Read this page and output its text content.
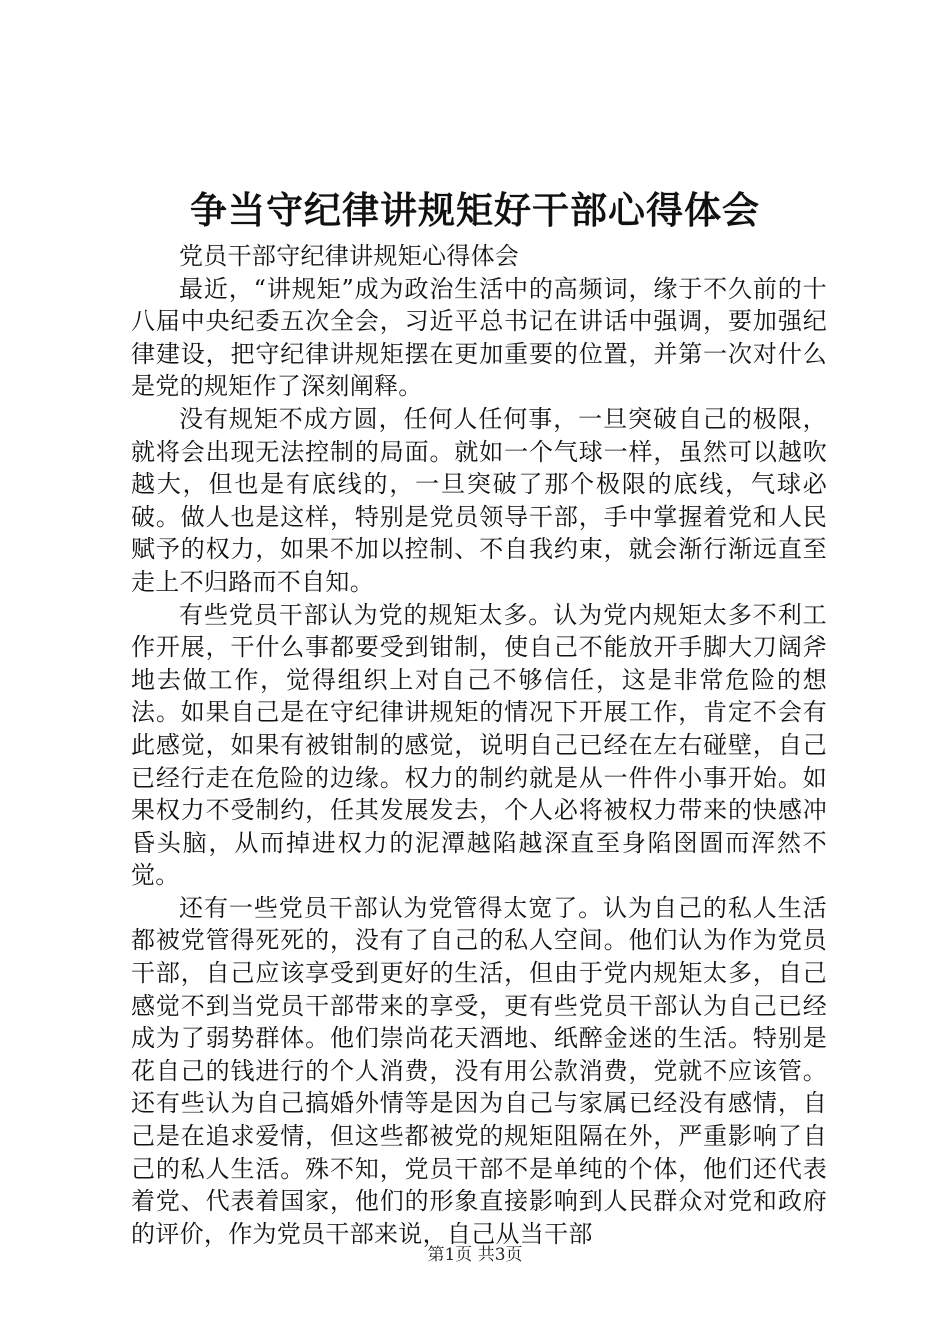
争当守纪律讲规矩好干部心得体会

党员干部守纪律讲规矩心得体会

最近，“讲规矩”成为政治生活中的高频词，缘于不久前的十八届中央纪委五次全会，习近平总书记在讲话中强调，要加强纪律建设，把守纪律讲规矩摆在更加重要的位置，并第一次对什么是党的规矩作了深刻阐释。

没有规矩不成方圆，任何人任何事，一旦突破自己的极限，就将会出现无法控制的局面。就如一个气球一样，虽然可以越吹越大，但也是有底线的，一旦突破了那个极限的底线，气球必破。做人也是这样，特别是党员领导干部，手中掌握着党和人民赋予的权力，如果不加以控制、不自我约束，就会渐行渐远直至走上不归路而不自知。

有些党员干部认为党的规矩太多。认为党内规矩太多不利工作开展，干什么事都要受到钳制，使自己不能放开手脚大刀阔斧地去做工作，觉得组织上对自己不够信任，这是非常危险的想法。如果自己是在守纪律讲规矩的情况下开展工作，肯定不会有此感觉，如果有被钳制的感觉，说明自己已经在左右碰壁，自己已经行走在危险的边缘。权力的制约就是从一件件小事开始。如果权力不受制约，任其发展发去，个人必将被权力带来的快感冲昏头脑，从而掉进权力的泥潭越陷越深直至身陷囹圄而浑然不觉。

还有一些党员干部认为党管得太宽了。认为自己的私人生活都被党管得死死的，没有了自己的私人空间。他们认为作为党员干部，自己应该享受到更好的生活，但由于党内规矩太多，自己感觉不到当党员干部带来的享受，更有些党员干部认为自己已经成为了弱势群体。他们崇尚花天酒地、纸醉金迷的生活。特别是花自己的钱进行的个人消费，没有用公款消费，党就不应该管。还有些认为自己搞婚外情等是因为自己与家属已经没有感情，自己是在追求爱情，但这些都被党的规矩阻隔在外，严重影响了自己的私人生活。殊不知，党员干部不是单纯的个体，他们还代表着党、代表着国家，他们的形象直接影响到人民群众对党和政府的评价，作为党员干部来说，自己从当干部

第1页 共3页
